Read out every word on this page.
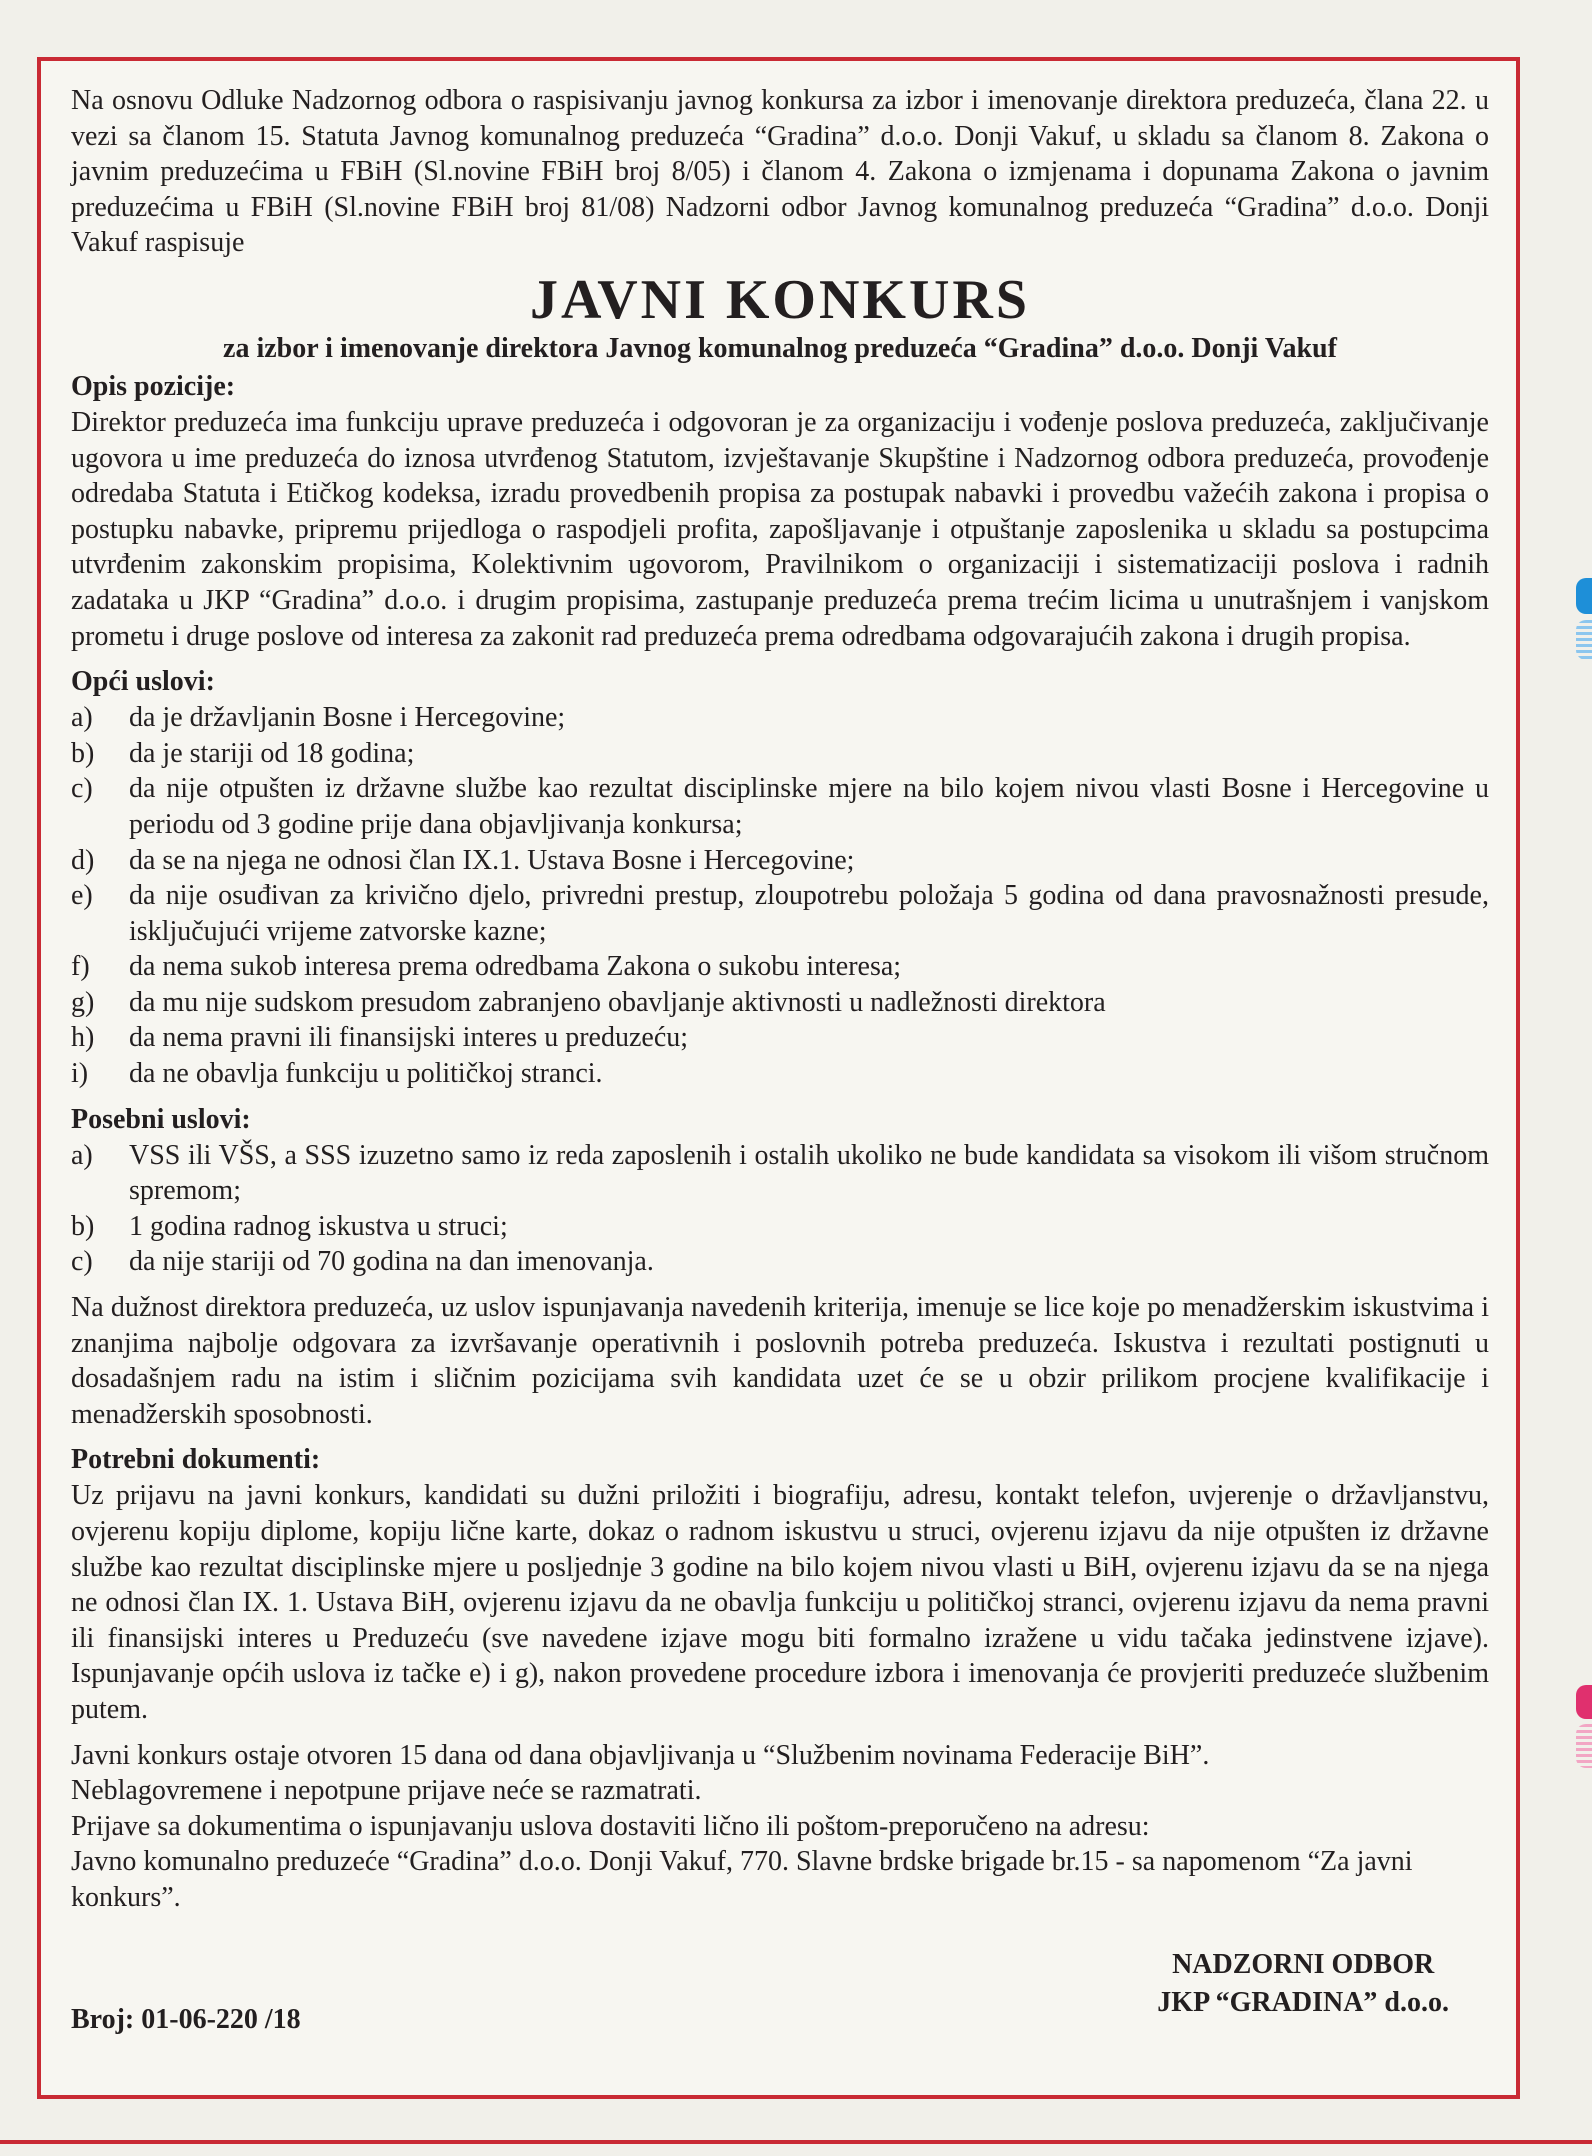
Na osnovu Odluke Nadzornog odbora o raspisivanju javnog konkursa za izbor i imenovanje direktora preduzeća, člana 22. u vezi sa članom 15. Statuta Javnog komunalnog preduzeća “Gradina” d.o.o. Donji Vakuf, u skladu sa članom 8. Zakona o javnim preduzećima u FBiH (Sl.novine FBiH broj 8/05) i članom 4. Zakona o izmjenama i dopunama Zakona o javnim preduzećima u FBiH (Sl.novine FBiH broj 81/08) Nadzorni odbor Javnog komunalnog preduzeća “Gradina” d.o.o. Donji Vakuf raspisuje

JAVNI KONKURS
za izbor i imenovanje direktora Javnog komunalnog preduzeća “Gradina” d.o.o. Donji Vakuf
Opis pozicije:

Direktor preduzeća ima funkciju uprave preduzeća i odgovoran je za organizaciju i vođenje poslova preduzeća, zaključivanje ugovora u ime preduzeća do iznosa utvrđenog Statutom, izvještavanje Skupštine i Nadzornog odbora preduzeća, provođenje odredaba Statuta i Etičkog kodeksa, izradu provedbenih propisa za postupak nabavki i provedbu važećih zakona i propisa o postupku nabavke, pripremu prijedloga o raspodjeli profita, zapošljavanje i otpuštanje zaposlenika u skladu sa postupcima utvrđenim zakonskim propisima, Kolektivnim ugovorom, Pravilnikom o organizaciji i sistematizaciji poslova i radnih zadataka u JKP “Gradina” d.o.o. i drugim propisima, zastupanje preduzeća prema trećim licima u unutrašnjem i vanjskom prometu i druge poslove od interesa za zakonit rad preduzeća prema odredbama odgovarajućih zakona i drugih propisa.

Opći uslovi:
a)	da je državljanin Bosne i Hercegovine;
b)	da je stariji od 18 godina;
c)	da nije otpušten iz državne službe kao rezultat disciplinske mjere na bilo kojem nivou vlasti Bosne i Hercegovine u periodu od 3 godine prije dana objavljivanja konkursa;
d)	da se na njega ne odnosi član IX.1. Ustava Bosne i Hercegovine;
e)	da nije osuđivan za krivično djelo, privredni prestup, zloupotrebu položaja 5 godina od dana pravosnažnosti presude, isključujući vrijeme zatvorske kazne;
f)	da nema sukob interesa prema odredbama Zakona o sukobu interesa;
g)	da mu nije sudskom presudom zabranjeno obavljanje aktivnosti u nadležnosti direktora
h)	da nema pravni ili finansijski interes u preduzeću;
i)	da ne obavlja funkciju u političkoj stranci.
Posebni uslovi:
a)	VSS ili VŠS, a SSS izuzetno samo iz reda zaposlenih i ostalih ukoliko ne bude kandidata sa visokom ili višom stručnom spremom;
b)	1 godina radnog iskustva u struci;
c)	da nije stariji od 70 godina na dan imenovanja.

Na dužnost direktora preduzeća, uz uslov ispunjavanja navedenih kriterija, imenuje se lice koje po menadžerskim iskustvima i znanjima najbolje odgovara za izvršavanje operativnih i poslovnih potreba preduzeća. Iskustva i rezultati postignuti u dosadašnjem radu na istim i sličnim pozicijama svih kandidata uzet će se u obzir prilikom procjene kvalifikacije i menadžerskih sposobnosti.

Potrebni dokumenti:

Uz prijavu na javni konkurs, kandidati su dužni priložiti i biografiju, adresu, kontakt telefon, uvjerenje o državljanstvu, ovjerenu kopiju diplome, kopiju lične karte, dokaz o radnom iskustvu u struci, ovjerenu izjavu da nije otpušten iz državne službe kao rezultat disciplinske mjere u posljednje 3 godine na bilo kojem nivou vlasti u BiH, ovjerenu izjavu da se na njega ne odnosi član IX. 1. Ustava BiH, ovjerenu izjavu da ne obavlja funkciju u političkoj stranci, ovjerenu izjavu da nema pravni ili finansijski interes u Preduzeću (sve navedene izjave mogu biti formalno izražene u vidu tačaka jedinstvene izjave). Ispunjavanje općih uslova iz tačke e) i g), nakon provedene procedure izbora i imenovanja će provjeriti preduzeće službenim putem.

Javni konkurs ostaje otvoren 15 dana od dana objavljivanja u “Službenim novinama Federacije BiH”.

Neblagovremene i nepotpune prijave neće se razmatrati.

Prijave sa dokumentima o ispunjavanju uslova dostaviti lično ili poštom-preporučeno na adresu:

Javno komunalno preduzeće “Gradina” d.o.o. Donji Vakuf, 770. Slavne brdske brigade br.15 - sa napomenom “Za javni konkurs”.

Broj: 01-06-220 /18
NADZORNI ODBOR
JKP “GRADINA” d.o.o.
